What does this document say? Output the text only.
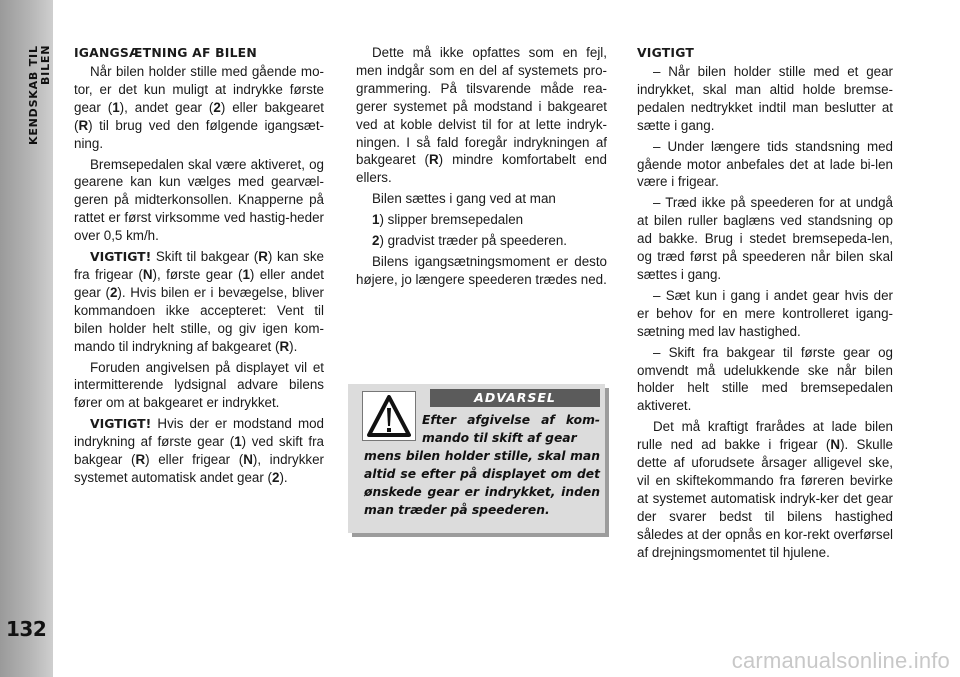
KENDSKAB TIL BILEN
132
IGANGSÆTNING AF BILEN

Når bilen holder stille med gående mo-tor, er det kun muligt at indrykke første gear (1), andet gear (2) eller bakgearet (R) til brug ved den følgende igangsæt-ning.

Bremsepedalen skal være aktiveret, og gearene kan kun vælges med gearvæl-geren på midterkonsollen. Knapperne på rattet er først virksomme ved hastig-heder over 0,5 km/h.

VIGTIGT! Skift til bakgear (R) kan ske fra frigear (N), første gear (1) eller andet gear (2). Hvis bilen er i bevægelse, bliver kommandoen ikke accepteret: Vent til bilen holder helt stille, og giv igen kom-mando til indrykning af bakgearet (R).

Foruden angivelsen på displayet vil et intermitterende lydsignal advare bilens fører om at bakgearet er indrykket.

VIGTIGT! Hvis der er modstand mod indrykning af første gear (1) ved skift fra bakgear (R) eller frigear (N), indrykker systemet automatisk andet gear (2).

Dette må ikke opfattes som en fejl, men indgår som en del af systemets pro-grammering. På tilsvarende måde rea-gerer systemet på modstand i bakgearet ved at koble delvist til for at lette indryk-ningen. I så fald foregår indrykningen af bakgearet (R) mindre komfortabelt end ellers.

Bilen sættes i gang ved at man

1) slipper bremsepedalen

2) gradvist træder på speederen.

Bilens igangsætningsmoment er desto højere, jo længere speederen trædes ned.

ADVARSEL
Efter afgivelse af kom-mando til skift af gear
mens bilen holder stille, skal man altid se efter på displayet om det ønskede gear er indrykket, inden man træder på speederen.
VIGTIGT

– Når bilen holder stille med et gear indrykket, skal man altid holde bremse-pedalen nedtrykket indtil man beslutter at sætte i gang.

– Under længere tids standsning med gående motor anbefales det at lade bi-len være i frigear.

– Træd ikke på speederen for at undgå at bilen ruller baglæns ved standsning op ad bakke. Brug i stedet bremsepeda-len, og træd først på speederen når bilen skal sættes i gang.

– Sæt kun i gang i andet gear hvis der er behov for en mere kontrolleret igang-sætning med lav hastighed.

– Skift fra bakgear til første gear og omvendt må udelukkende ske når bilen holder helt stille med bremsepedalen aktiveret.

Det må kraftigt frarådes at lade bilen rulle ned ad bakke i frigear (N). Skulle dette af uforudsete årsager alligevel ske, vil en skiftekommando fra føreren bevirke at systemet automatisk indryk-ker det gear der svarer bedst til bilens hastighed således at der opnås en kor-rekt overførsel af drejningsmomentet til hjulene.

carmanualsonline.info
